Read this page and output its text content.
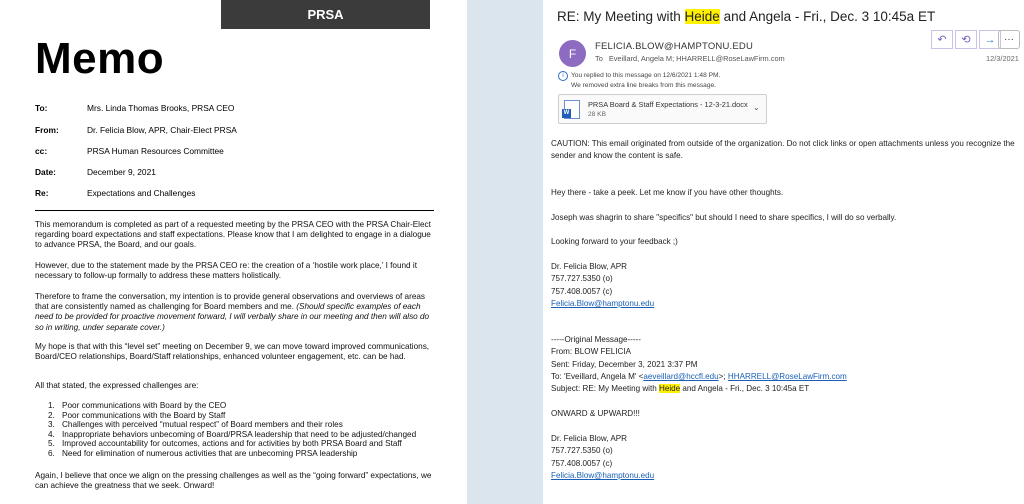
PRSA
Memo
To:	Mrs. Linda Thomas Brooks, PRSA CEO
From:	Dr. Felicia Blow, APR, Chair-Elect PRSA
cc:	PRSA Human Resources Committee
Date:	December 9, 2021
Re:	Expectations and Challenges

This memorandum is completed as part of a requested meeting by the PRSA CEO with the PRSA Chair-Elect regarding board expectations and staff expectations. Please know that I am delighted to engage in a dialogue to advance PRSA, the Board, and our goals.

However, due to the statement made by the PRSA CEO re: the creation of a ‘hostile work place,’ I found it necessary to follow-up formally to address these matters holistically.

Therefore to frame the conversation, my intention is to provide general observations and overviews of areas that are consistently named as challenging for Board members and me. (Should specific examples of each need to be provided for proactive movement forward, I will verbally share in our meeting and then will also do so in writing, under separate cover.)

My hope is that with this “level set” meeting on December 9, we can move toward improved communications, Board/CEO relationships, Board/Staff relationships, enhanced volunteer engagement, etc. can be had.

All that stated, the expressed challenges are:

1. Poor communications with Board by the CEO
2. Poor communications with the Board by Staff
3. Challenges with perceived “mutual respect” of Board members and their roles
4. Inappropriate behaviors unbecoming of Board/PRSA leadership that need to be adjusted/changed
5. Improved accountability for outcomes, actions and for activities by both PRSA Board and Staff
6. Need for elimination of numerous activities that are unbecoming PRSA leadership

Again, I believe that once we align on the pressing challenges as well as the “going forward” expectations, we can achieve the greatness that we seek. Onward!

RE: My Meeting with Heide and Angela - Fri., Dec. 3 10:45a ET
F	FELICIA.BLOW@HAMPTONU.EDU
To Eveillard, Angela M; HHARRELL@RoseLawFirm.com
↶	⟲	→ ···
12/3/2021
i You replied to this message on 12/6/2021 1:48 PM.
We removed extra line breaks from this message.
W
PRSA Board & Staff Expectations - 12-3-21.docx
28 KB
⌄
CAUTION: This email originated from outside of the organization. Do not click links or open attachments unless you recognize the sender and know the content is safe.
Hey there - take a peek. Let me know if you have other thoughts.
Joseph was shagrin to share "specifics" but should I need to share specifics, I will do so verbally.
Looking forward to your feedback ;)
Dr. Felicia Blow, APR
757.727.5350 (o)
757.408.0057 (c)
Felicia.Blow@hamptonu.edu
-----Original Message-----
From: BLOW FELICIA
Sent: Friday, December 3, 2021 3:37 PM
To: 'Eveillard, Angela M' <aeveillard@hccfl.edu>; HHARRELL@RoseLawFirm.com
Subject: RE: My Meeting with Heide and Angela - Fri., Dec. 3 10:45a ET
ONWARD & UPWARD!!!
Dr. Felicia Blow, APR
757.727.5350 (o)
757.408.0057 (c)
Felicia.Blow@hamptonu.edu
